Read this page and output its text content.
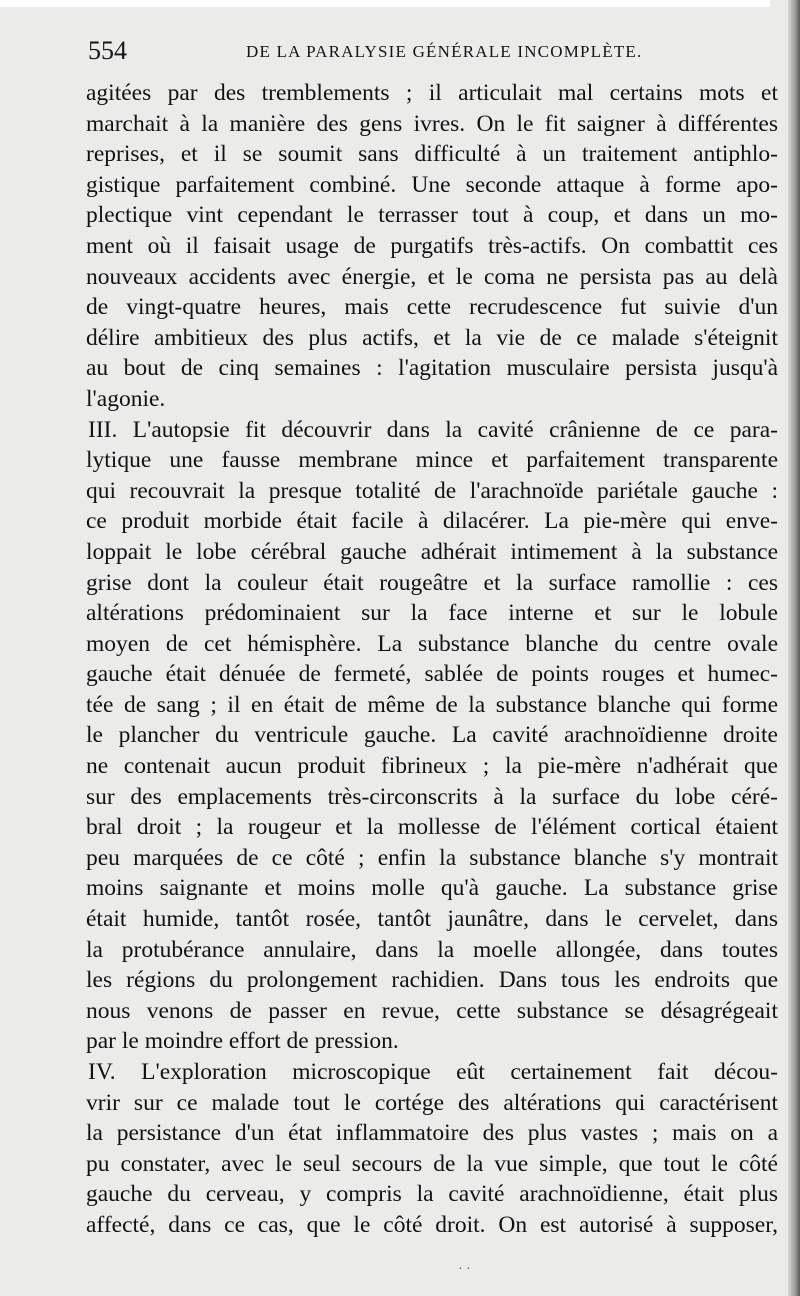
554	DE LA PARALYSIE GÉNÉRALE INCOMPLÈTE.
agitées par des tremblements ; il articulait mal certains mots et
marchait à la manière des gens ivres. On le fit saigner à différentes
reprises, et il se soumit sans difficulté à un traitement antiphlo-
gistique parfaitement combiné. Une seconde attaque à forme apo-
plectique vint cependant le terrasser tout à coup, et dans un mo-
ment où il faisait usage de purgatifs très-actifs. On combattit ces
nouveaux accidents avec énergie, et le coma ne persista pas au delà
de vingt-quatre heures, mais cette recrudescence fut suivie d'un
délire ambitieux des plus actifs, et la vie de ce malade s'éteignit
au bout de cinq semaines : l'agitation musculaire persista jusqu'à
l'agonie.
III. L'autopsie fit découvrir dans la cavité crânienne de ce para-
lytique une fausse membrane mince et parfaitement transparente
qui recouvrait la presque totalité de l'arachnoïde pariétale gauche :
ce produit morbide était facile à dilacérer. La pie-mère qui enve-
loppait le lobe cérébral gauche adhérait intimement à la substance
grise dont la couleur était rougeâtre et la surface ramollie : ces
altérations prédominaient sur la face interne et sur le lobule
moyen de cet hémisphère. La substance blanche du centre ovale
gauche était dénuée de fermeté, sablée de points rouges et humec-
tée de sang ; il en était de même de la substance blanche qui forme
le plancher du ventricule gauche. La cavité arachnoïdienne droite
ne contenait aucun produit fibrineux ; la pie-mère n'adhérait que
sur des emplacements très-circonscrits à la surface du lobe céré-
bral droit ; la rougeur et la mollesse de l'élément cortical étaient
peu marquées de ce côté ; enfin la substance blanche s'y montrait
moins saignante et moins molle qu'à gauche. La substance grise
était humide, tantôt rosée, tantôt jaunâtre, dans le cervelet, dans
la protubérance annulaire, dans la moelle allongée, dans toutes
les régions du prolongement rachidien. Dans tous les endroits que
nous venons de passer en revue, cette substance se désagrégeait
par le moindre effort de pression.
IV. L'exploration microscopique eût certainement fait décou-
vrir sur ce malade tout le cortége des altérations qui caractérisent
la persistance d'un état inflammatoire des plus vastes ; mais on a
pu constater, avec le seul secours de la vue simple, que tout le côté
gauche du cerveau, y compris la cavité arachnoïdienne, était plus
affecté, dans ce cas, que le côté droit. On est autorisé à supposer,
· ·
